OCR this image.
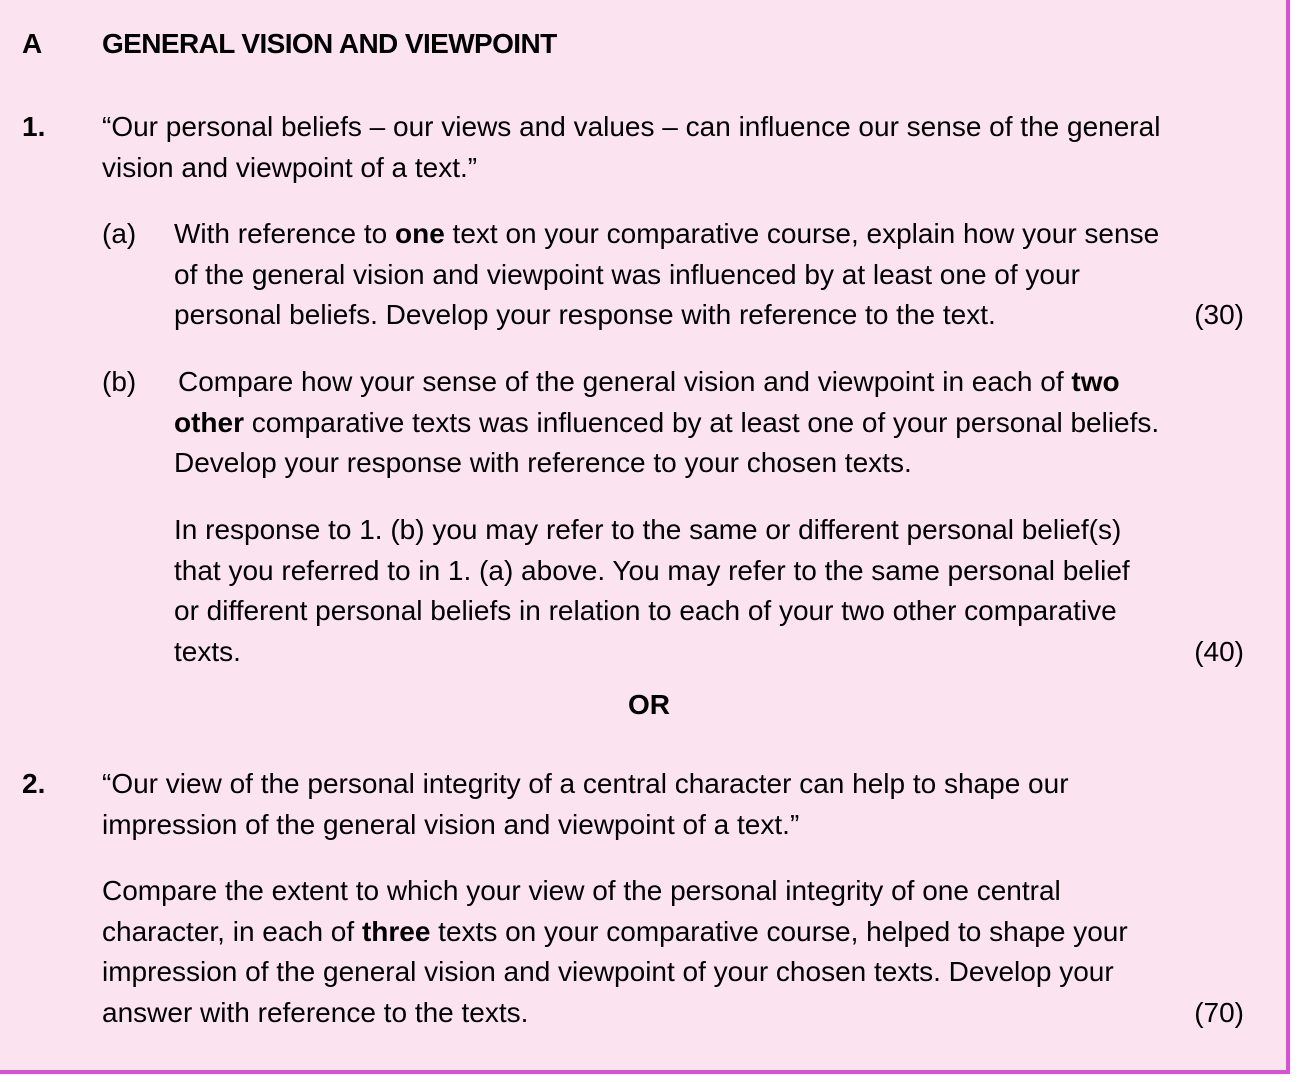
A GENERAL VISION AND VIEWPOINT
1. “Our personal beliefs – our views and values – can influence our sense of the general
vision and viewpoint of a text.”
(a) With reference to one text on your comparative course, explain how your sense
of the general vision and viewpoint was influenced by at least one of your
personal beliefs. Develop your response with reference to the text.	(30)
(b) Compare how your sense of the general vision and viewpoint in each of two
other comparative texts was influenced by at least one of your personal beliefs.
Develop your response with reference to your chosen texts.
In response to 1. (b) you may refer to the same or different personal belief(s)
that you referred to in 1. (a) above. You may refer to the same personal belief
or different personal beliefs in relation to each of your two other comparative
texts.	(40)
OR
2. “Our view of the personal integrity of a central character can help to shape our
impression of the general vision and viewpoint of a text.”
Compare the extent to which your view of the personal integrity of one central
character, in each of three texts on your comparative course, helped to shape your
impression of the general vision and viewpoint of your chosen texts. Develop your
answer with reference to the texts.	(70)
